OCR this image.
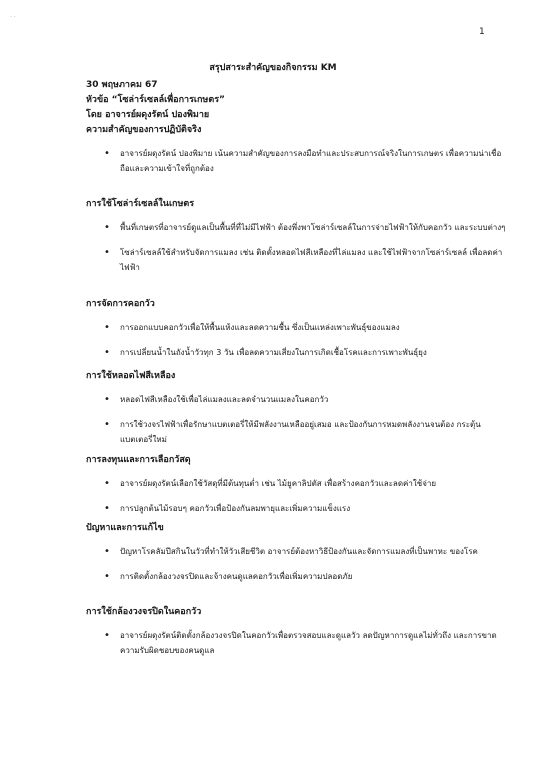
· ·
1
สรุปสาระสำคัญของกิจกรรม KM
30 พฤษภาคม 67
หัวข้อ “โซล่าร์เซลล์เพื่อการเกษตร”
โดย อาจารย์ผดุงรัตน์ ปองพิมาย
ความสำคัญของการปฏิบัติจริง
• อาจารย์ผดุงรัตน์ ปองพิมาย เน้นความสำคัญของการลงมือทำและประสบการณ์จริงในการเกษตร เพื่อความน่าเชื่อถือและความเข้าใจที่ถูกต้อง
การใช้โซล่าร์เซลล์ในเกษตร
• พื้นที่เกษตรที่อาจารย์ดูแลเป็นพื้นที่ที่ไม่มีไฟฟ้า ต้องพึ่งพาโซล่าร์เซลล์ในการจ่ายไฟฟ้าให้กับคอกวัว และระบบต่างๆ
• โซล่าร์เซลล์ใช้สำหรับจัดการแมลง เช่น ติดตั้งหลอดไฟสีเหลืองที่ไล่แมลง และใช้ไฟฟ้าจากโซล่าร์เซลล์ เพื่อลดค่าไฟฟ้า
การจัดการคอกวัว
• การออกแบบคอกวัวเพื่อให้พื้นแห้งและลดความชื้น ซึ่งเป็นแหล่งเพาะพันธุ์ของแมลง
• การเปลี่ยนน้ำในถังน้ำวัวทุก 3 วัน เพื่อลดความเสี่ยงในการเกิดเชื้อโรคและการเพาะพันธุ์ยุง
การใช้หลอดไฟสีเหลือง
• หลอดไฟสีเหลืองใช้เพื่อไล่แมลงและลดจำนวนแมลงในคอกวัว
• การใช้วงจรไฟฟ้าเพื่อรักษาแบตเตอรี่ให้มีพลังงานเหลืออยู่เสมอ และป้องกันการหมดพลังงานจนต้อง กระตุ้นแบตเตอรี่ใหม่
การลงทุนและการเลือกวัสดุ
• อาจารย์ผดุงรัตน์เลือกใช้วัสดุที่มีต้นทุนต่ำ เช่น ไม้ยูคาลิปตัส เพื่อสร้างคอกวัวและลดค่าใช้จ่าย
• การปลูกต้นไม้รอบๆ คอกวัวเพื่อป้องกันลมพายุและเพิ่มความแข็งแรง
ปัญหาและการแก้ไข
• ปัญหาโรคลัมปีสกินในวัวที่ทำให้วัวเสียชีวิต อาจารย์ต้องหาวิธีป้องกันและจัดการแมลงที่เป็นพาหะ ของโรค
• การติดตั้งกล้องวงจรปิดและจ้างคนดูแลคอกวัวเพื่อเพิ่มความปลอดภัย
การใช้กล้องวงจรปิดในคอกวัว
• อาจารย์ผดุงรัตน์ติดตั้งกล้องวงจรปิดในคอกวัวเพื่อตรวจสอบและดูแลวัว ลดปัญหาการดูแลไม่ทั่วถึง และการขาดความรับผิดชอบของคนดูแล
